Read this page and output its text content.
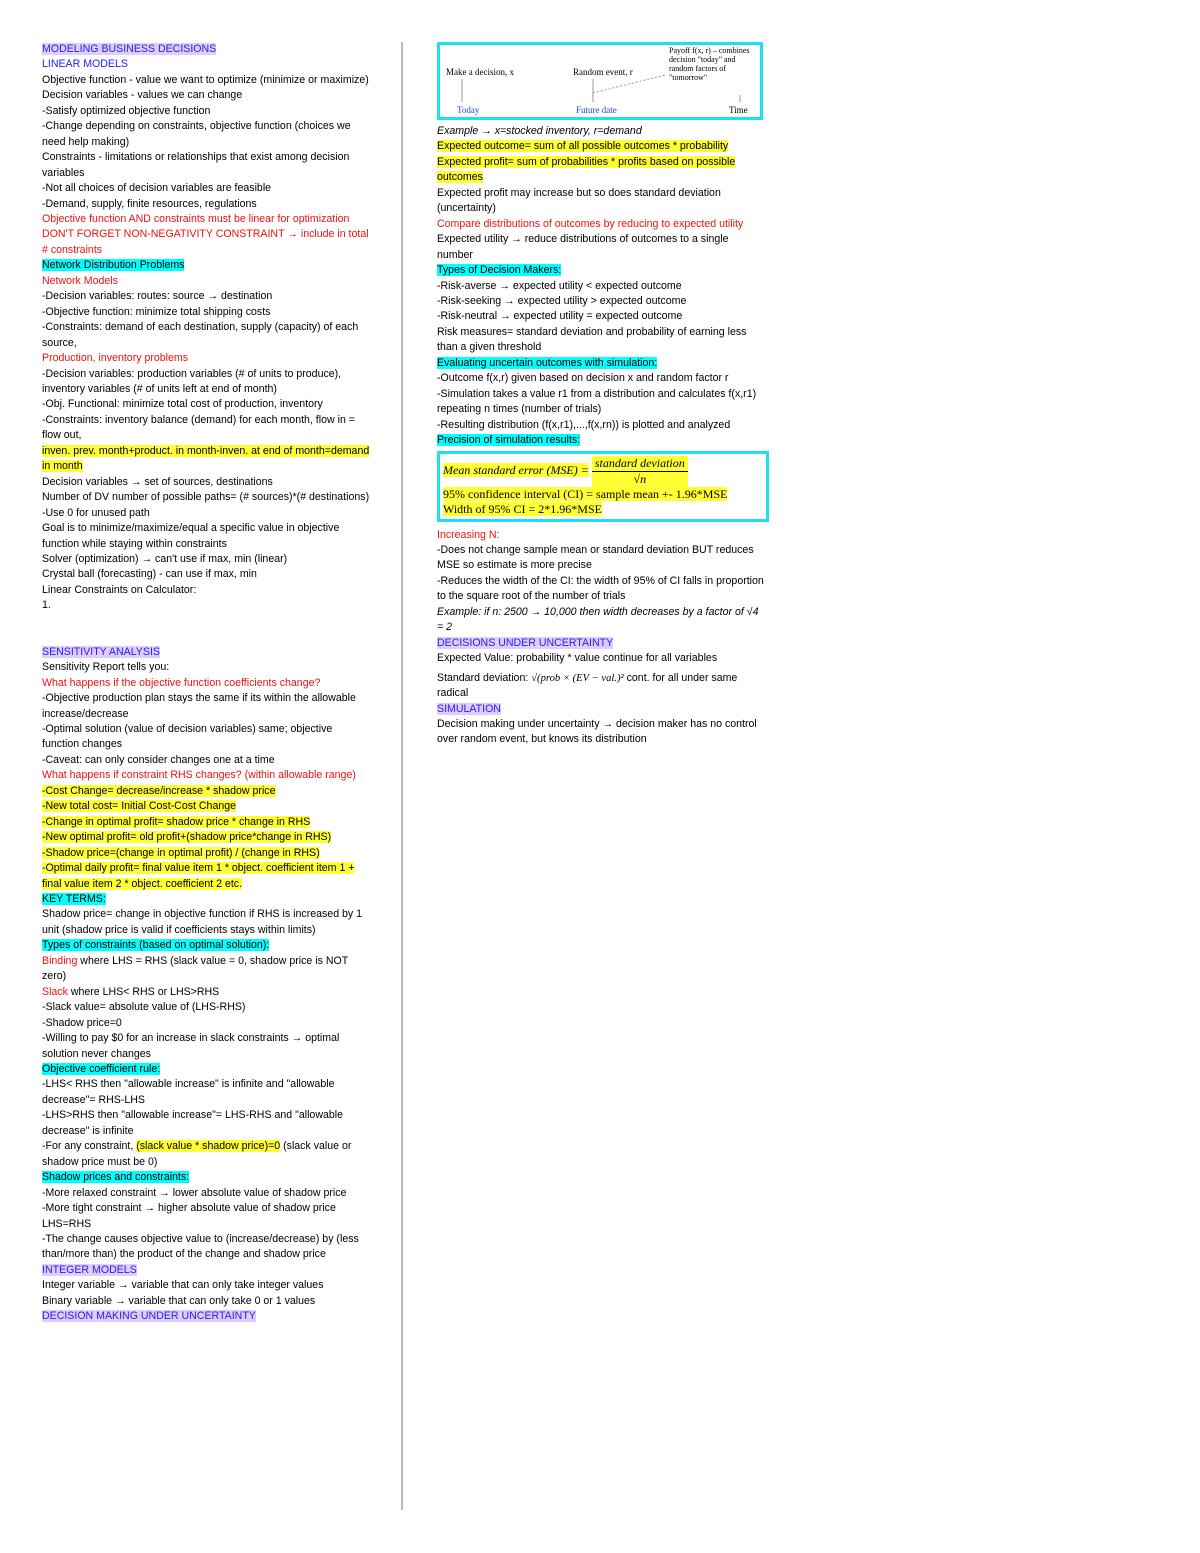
MODELING BUSINESS DECISIONS
LINEAR MODELS
Objective function - value we want to optimize (minimize or maximize)
Decision variables - values we can change
-Satisfy optimized objective function
-Change depending on constraints, objective function (choices we need help making)
Constraints - limitations or relationships that exist among decision variables
-Not all choices of decision variables are feasible
-Demand, supply, finite resources, regulations
Objective function AND constraints must be linear for optimization
DON'T FORGET NON-NEGATIVITY CONSTRAINT → include in total # constraints
Network Distribution Problems
Network Models
-Decision variables: routes: source → destination
-Objective function: minimize total shipping costs
-Constraints: demand of each destination, supply (capacity) of each source,
Production, inventory problems
-Decision variables: production variables (# of units to produce), inventory variables (# of units left at end of month)
-Obj. Functional: minimize total cost of production, inventory
-Constraints: inventory balance (demand) for each month, flow in = flow out,
inven. prev. month+product. in month-inven. at end of month=demand in month
Decision variables → set of sources, destinations
Number of DV number of possible paths= (# sources)*(# destinations)
-Use 0 for unused path
Goal is to minimize/maximize/equal a specific value in objective function while staying within constraints
Solver (optimization) → can't use if max, min (linear)
Crystal ball (forecasting) - can use if max, min
Linear Constraints on Calculator:
1.
SENSITIVITY ANALYSIS
Sensitivity Report tells you:
What happens if the objective function coefficients change?
-Objective production plan stays the same if its within the allowable increase/decrease
-Optimal solution (value of decision variables) same; objective function changes
-Caveat: can only consider changes one at a time
What happens if constraint RHS changes? (within allowable range)
-Cost Change= decrease/increase * shadow price
-New total cost= Initial Cost-Cost Change
-Change in optimal profit= shadow price * change in RHS
-New optimal profit= old profit+(shadow price*change in RHS)
-Shadow price=(change in optimal profit) / (change in RHS)
-Optimal daily profit= final value item 1 * object. coefficient item 1 + final value item 2 * object. coefficient 2 etc.
KEY TERMS:
Shadow price= change in objective function if RHS is increased by 1 unit (shadow price is valid if coefficients stays within limits)
Types of constraints (based on optimal solution):
Binding where LHS = RHS (slack value = 0, shadow price is NOT zero)
Slack where LHS< RHS or LHS>RHS
-Slack value= absolute value of (LHS-RHS)
-Shadow price=0
-Willing to pay $0 for an increase in slack constraints → optimal solution never changes
Objective coefficient rule:
-LHS< RHS then "allowable increase" is infinite and "allowable decrease"= RHS-LHS
-LHS>RHS then "allowable increase"= LHS-RHS and "allowable decrease" is infinite
-For any constraint, (slack value * shadow price)=0 (slack value or shadow price must be 0)
Shadow prices and constraints:
-More relaxed constraint → lower absolute value of shadow price
-More tight constraint → higher absolute value of shadow price LHS=RHS
-The change causes objective value to (increase/decrease) by (less than/more than) the product of the change and shadow price
INTEGER MODELS
Integer variable → variable that can only take integer values
Binary variable → variable that can only take 0 or 1 values
DECISION MAKING UNDER UNCERTAINTY
Make a decision, x	Random event, r
Payoff f(x, r) – combines decision "today" and random factors of "tomorrow"
Today	Future date	Time
Example → x=stocked inventory, r=demand
Expected outcome= sum of all possible outcomes * probability
Expected profit= sum of probabilities * profits based on possible outcomes
Expected profit may increase but so does standard deviation (uncertainty)
Compare distributions of outcomes by reducing to expected utility
Expected utility → reduce distributions of outcomes to a single number
Types of Decision Makers:
-Risk-averse → expected utility < expected outcome
-Risk-seeking → expected utility > expected outcome
-Risk-neutral → expected utility = expected outcome
Risk measures= standard deviation and probability of earning less than a given threshold
Evaluating uncertain outcomes with simulation:
-Outcome f(x,r) given based on decision x and random factor r
-Simulation takes a value r1 from a distribution and calculates f(x,r1) repeating n times (number of trials)
-Resulting distribution (f(x,r1),...,f(x,rn)) is plotted and analyzed
Precision of simulation results:
Mean standard error $(MSE) = \frac{\text{standard deviation}}{√n}$
95% confidence interval (CI) = sample mean +- 1.96*MSE
Width of 95% CI = 2*1.96*MSE
Increasing N:
-Does not change sample mean or standard deviation BUT reduces MSE so estimate is more precise
-Reduces the width of the CI: the width of 95% of CI falls in proportion to the square root of the number of trials
Example: if n: 2500 → 10,000 then width decreases by a factor of √4 = 2
DECISIONS UNDER UNCERTAINTY
Expected Value: probability * value continue for all variables
Standard deviation: √(prob × (EV − val.)² cont. for all under same radical
SIMULATION
Decision making under uncertainty → decision maker has no control over random event, but knows its distribution
